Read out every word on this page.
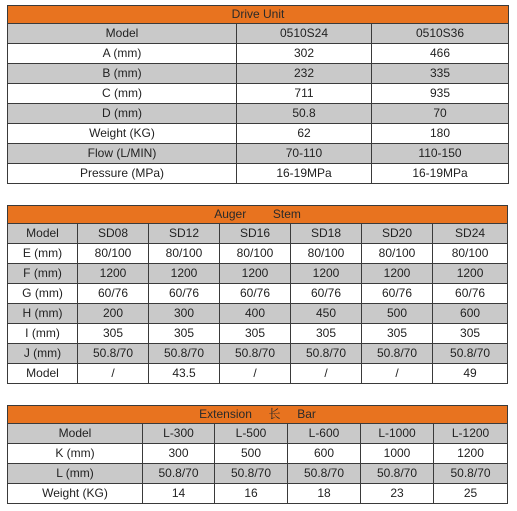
Drive Unit		
Model	0510S24	0510S36
A (mm)	302	466
B (mm)	232	335
C (mm)	711	935
D (mm)	50.8	70
Weight (KG)	62	180
Flow (L/MIN)	70-110	110-150
Pressure (MPa)	16-19MPa	16-19MPa
Auger        Stem						
Model	SD08	SD12	SD16	SD18	SD20	SD24
E (mm)	80/100	80/100	80/100	80/100	80/100	80/100
F (mm)	1200	1200	1200	1200	1200	1200
G (mm)	60/76	60/76	60/76	60/76	60/76	60/76
H (mm)	200	300	400	450	500	600
I (mm)	305	305	305	305	305	305
J (mm)	50.8/70	50.8/70	50.8/70	50.8/70	50.8/70	50.8/70
Model	/	43.5	/	/	/	49
Extension     长     Bar					
Model	L-300	L-500	L-600	L-1000	L-1200
K (mm)	300	500	600	1000	1200
L (mm)	50.8/70	50.8/70	50.8/70	50.8/70	50.8/70
Weight (KG)	14	16	18	23	25
